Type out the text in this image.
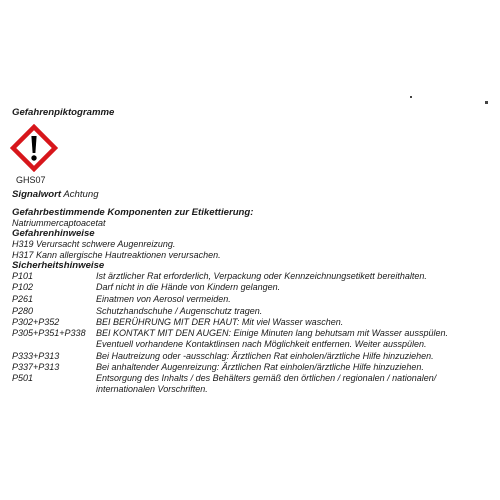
Gefahrenpiktogramme
GHS07
Signalwort Achtung
Gefahrbestimmende Komponenten zur Etikettierung:
Natriummercaptoacetat
Gefahrenhinweise
H319 Verursacht schwere Augenreizung.
H317 Kann allergische Hautreaktionen verursachen.
Sicherheitshinweise
P101	Ist ärztlicher Rat erforderlich, Verpackung oder Kennzeichnungsetikett bereithalten.
P102	Darf nicht in die Hände von Kindern gelangen.
P261	Einatmen von Aerosol vermeiden.
P280	Schutzhandschuhe / Augenschutz tragen.
P302+P352	BEI BERÜHRUNG MIT DER HAUT: Mit viel Wasser waschen.
P305+P351+P338 BEI KONTAKT MIT DEN AUGEN: Einige Minuten lang behutsam mit Wasser ausspülen.
Eventuell vorhandene Kontaktlinsen nach Möglichkeit entfernen. Weiter ausspülen.
P333+P313	Bei Hautreizung oder -ausschlag: Ärztlichen Rat einholen/ärztliche Hilfe hinzuziehen.
P337+P313	Bei anhaltender Augenreizung: Ärztlichen Rat einholen/ärztliche Hilfe hinzuziehen.
P501	Entsorgung des Inhalts / des Behälters gemäß den örtlichen / regionalen / nationalen/
internationalen Vorschriften.
